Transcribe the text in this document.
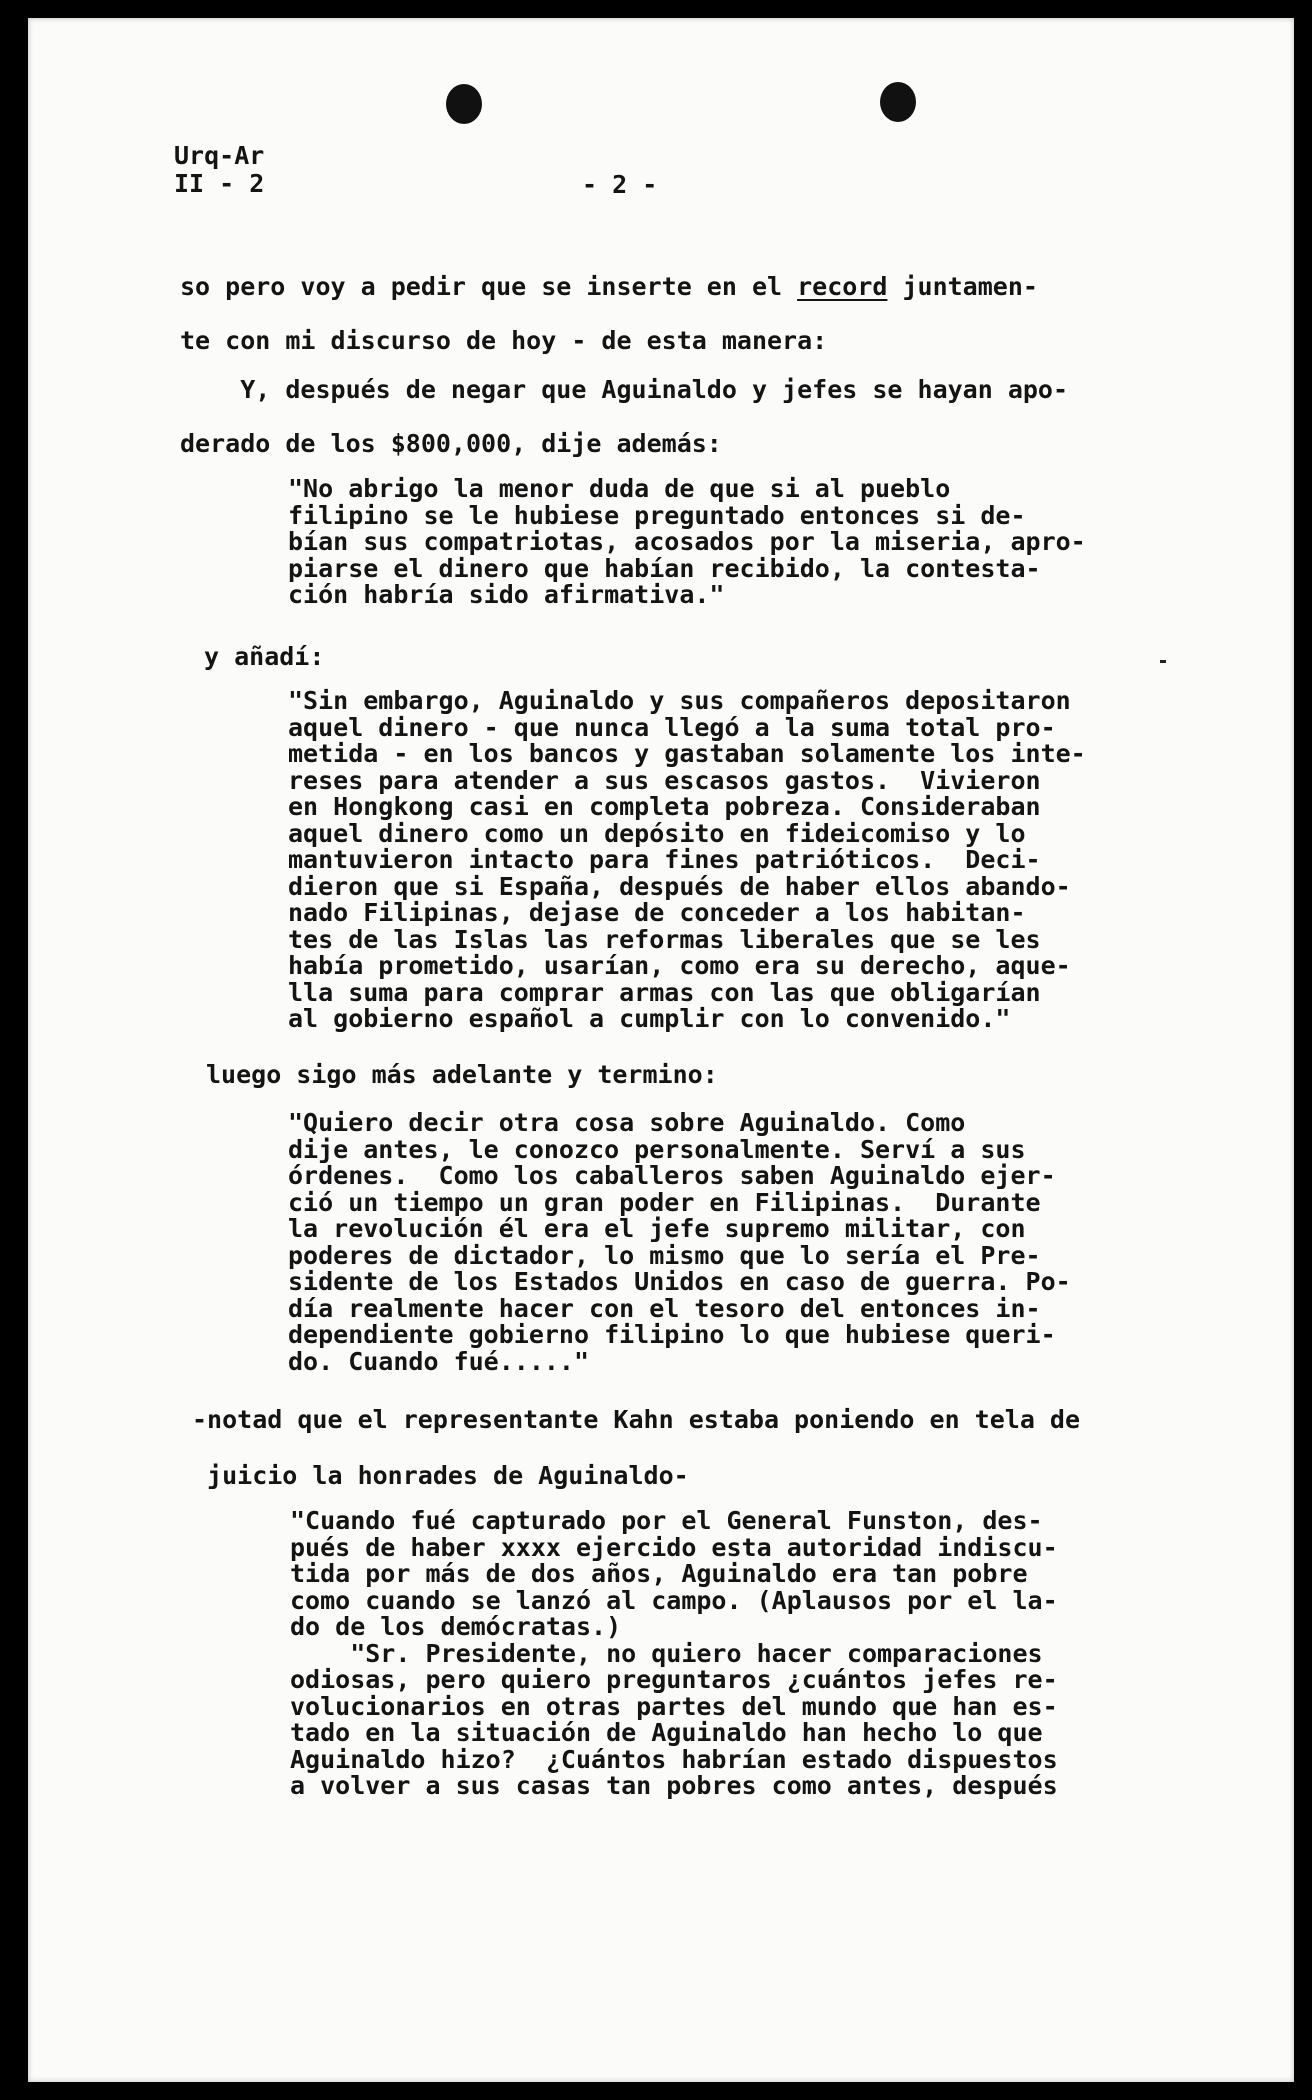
Urq-Ar
II - 2	- 2 -
so pero voy a pedir que se inserte en el record juntamen-
te con mi discurso de hoy - de esta manera:
Y, después de negar que Aguinaldo y jefes se hayan apo-
derado de los $800,000, dije además:
"No abrigo la menor duda de que si al pueblo
filipino se le hubiese preguntado entonces si de-
bían sus compatriotas, acosados por la miseria, apro-
piarse el dinero que habían recibido, la contesta-
ción habría sido afirmativa."
y añadí:
"Sin embargo, Aguinaldo y sus compañeros depositaron
aquel dinero - que nunca llegó a la suma total pro-
metida - en los bancos y gastaban solamente los inte-
reses para atender a sus escasos gastos.  Vivieron
en Hongkong casi en completa pobreza. Consideraban
aquel dinero como un depósito en fideicomiso y lo
mantuvieron intacto para fines patrióticos.  Deci-
dieron que si España, después de haber ellos abando-
nado Filipinas, dejase de conceder a los habitan-
tes de las Islas las reformas liberales que se les
había prometido, usarían, como era su derecho, aque-
lla suma para comprar armas con las que obligarían
al gobierno español a cumplir con lo convenido."
luego sigo más adelante y termino:
"Quiero decir otra cosa sobre Aguinaldo. Como
dije antes, le conozco personalmente. Serví a sus
órdenes.  Como los caballeros saben Aguinaldo ejer-
ció un tiempo un gran poder en Filipinas.  Durante
la revolución él era el jefe supremo militar, con
poderes de dictador, lo mismo que lo sería el Pre-
sidente de los Estados Unidos en caso de guerra. Po-
día realmente hacer con el tesoro del entonces in-
dependiente gobierno filipino lo que hubiese queri-
do. Cuando fué....."
-notad que el representante Kahn estaba poniendo en tela de
juicio la honrades de Aguinaldo-
"Cuando fué capturado por el General Funston, des-
pués de haber xxxx ejercido esta autoridad indiscu-
tida por más de dos años, Aguinaldo era tan pobre
como cuando se lanzó al campo. (Aplausos por el la-
do de los demócratas.)
"Sr. Presidente, no quiero hacer comparaciones
odiosas, pero quiero preguntaros ¿cuántos jefes re-
volucionarios en otras partes del mundo que han es-
tado en la situación de Aguinaldo han hecho lo que
Aguinaldo hizo?  ¿Cuántos habrían estado dispuestos
a volver a sus casas tan pobres como antes, después
